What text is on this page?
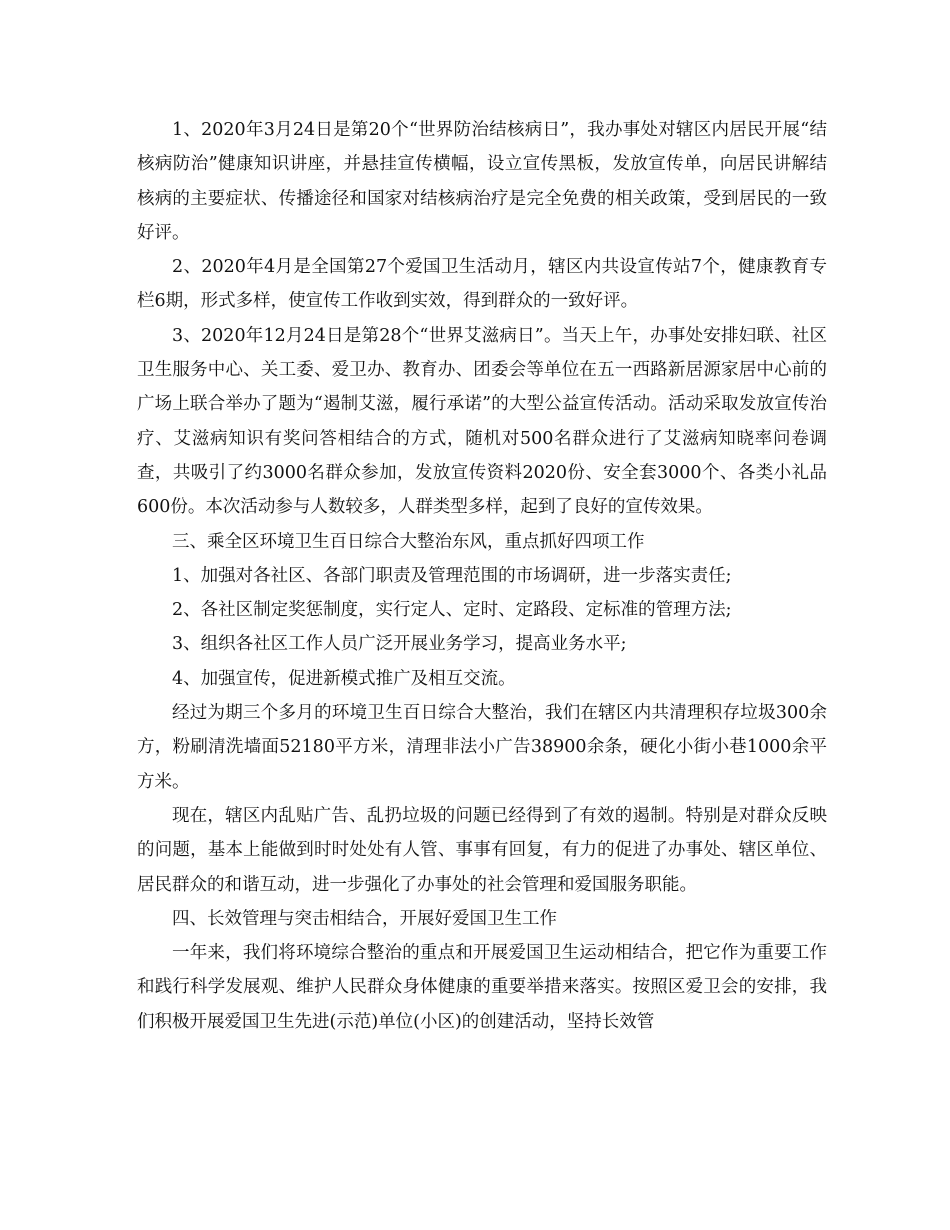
1、2020年3月24日是第20个“世界防治结核病日”，我办事处对辖区内居民开展“结核病防治”健康知识讲座，并悬挂宣传横幅，设立宣传黑板，发放宣传单，向居民讲解结核病的主要症状、传播途径和国家对结核病治疗是完全免费的相关政策，受到居民的一致好评。

2、2020年4月是全国第27个爱国卫生活动月，辖区内共设宣传站7个，健康教育专栏6期，形式多样，使宣传工作收到实效，得到群众的一致好评。

3、2020年12月24日是第28个“世界艾滋病日”。当天上午，办事处安排妇联、社区卫生服务中心、关工委、爱卫办、教育办、团委会等单位在五一西路新居源家居中心前的广场上联合举办了题为“遏制艾滋，履行承诺”的大型公益宣传活动。活动采取发放宣传治疗、艾滋病知识有奖问答相结合的方式，随机对500名群众进行了艾滋病知晓率问卷调查，共吸引了约3000名群众参加，发放宣传资料2020份、安全套3000个、各类小礼品600份。本次活动参与人数较多，人群类型多样，起到了良好的宣传效果。

三、乘全区环境卫生百日综合大整治东风，重点抓好四项工作

1、加强对各社区、各部门职责及管理范围的市场调研，进一步落实责任;

2、各社区制定奖惩制度，实行定人、定时、定路段、定标准的管理方法;

3、组织各社区工作人员广泛开展业务学习，提高业务水平;

4、加强宣传，促进新模式推广及相互交流。

经过为期三个多月的环境卫生百日综合大整治，我们在辖区内共清理积存垃圾300余方，粉刷清洗墙面52180平方米，清理非法小广告38900余条，硬化小街小巷1000余平方米。

现在，辖区内乱贴广告、乱扔垃圾的问题已经得到了有效的遏制。特别是对群众反映的问题，基本上能做到时时处处有人管、事事有回复，有力的促进了办事处、辖区单位、居民群众的和谐互动，进一步强化了办事处的社会管理和爱国服务职能。

四、长效管理与突击相结合，开展好爱国卫生工作

一年来，我们将环境综合整治的重点和开展爱国卫生运动相结合，把它作为重要工作和践行科学发展观、维护人民群众身体健康的重要举措来落实。按照区爱卫会的安排，我们积极开展爱国卫生先进(示范)单位(小区)的创建活动，坚持长效管
